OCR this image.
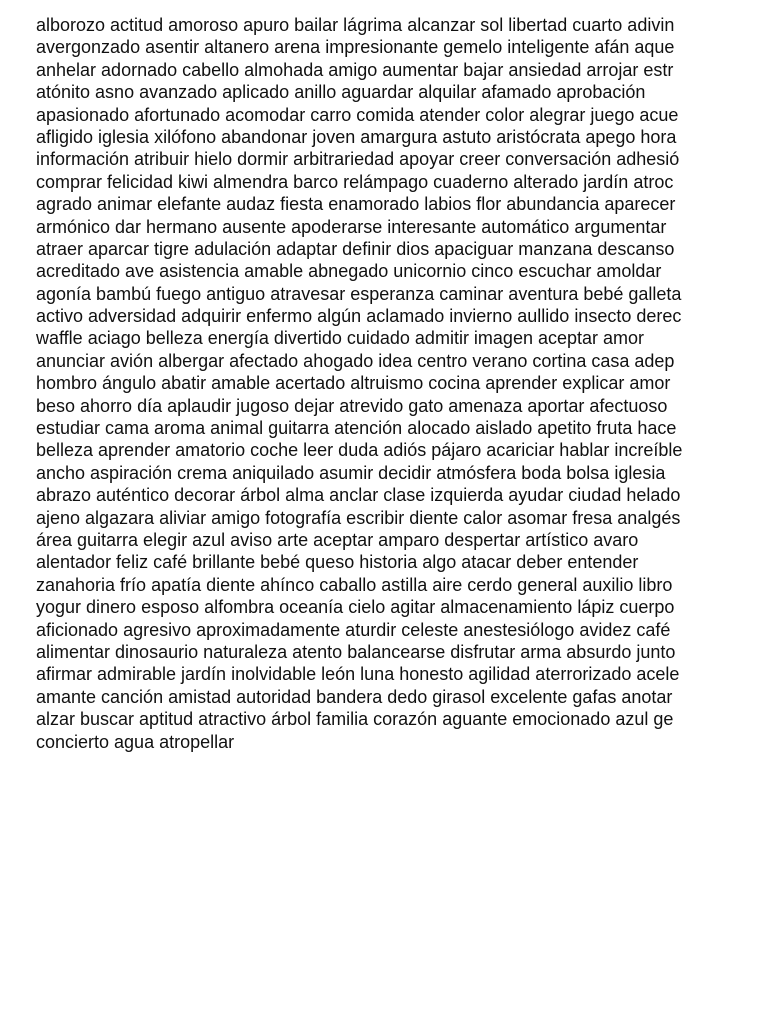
alborozo actitud amoroso apuro bailar lágrima alcanzar sol libertad cuarto adivin
avergonzado asentir altanero arena impresionante gemelo inteligente afán aque
anhelar adornado cabello almohada amigo aumentar bajar ansiedad arrojar estr
atónito asno avanzado aplicado anillo aguardar alquilar afamado aprobación
apasionado afortunado acomodar carro comida atender color alegrar juego acue
afligido iglesia xilófono abandonar joven amargura astuto aristócrata apego hora
información atribuir hielo dormir arbitrariedad apoyar creer conversación adhesió
comprar felicidad kiwi almendra barco relámpago cuaderno alterado jardín atroc
agrado animar elefante audaz fiesta enamorado labios flor abundancia aparecer
armónico dar hermano ausente apoderarse interesante automático argumentar
atraer aparcar tigre adulación adaptar definir dios apaciguar manzana descanso
acreditado ave asistencia amable abnegado unicornio cinco escuchar amoldar
agonía bambú fuego antiguo atravesar esperanza caminar aventura bebé galleta
activo adversidad adquirir enfermo algún aclamado invierno aullido insecto derec
waffle aciago belleza energía divertido cuidado admitir imagen aceptar amor
anunciar avión albergar afectado ahogado idea centro verano cortina casa adep
hombro ángulo abatir amable acertado altruismo cocina aprender explicar amor
beso ahorro día aplaudir jugoso dejar atrevido gato amenaza aportar afectuoso
estudiar cama aroma animal guitarra atención alocado aislado apetito fruta hace
belleza aprender amatorio coche leer duda adiós pájaro acariciar hablar increíble
ancho aspiración crema aniquilado asumir decidir atmósfera boda bolsa iglesia
abrazo auténtico decorar árbol alma anclar clase izquierda ayudar ciudad helado
ajeno algazara aliviar amigo fotografía escribir diente calor asomar fresa analgés
área guitarra elegir azul aviso arte aceptar amparo despertar artístico avaro
alentador feliz café brillante bebé queso historia algo atacar deber entender
zanahoria frío apatía diente ahínco caballo astilla aire cerdo general auxilio libro
yogur dinero esposo alfombra oceanía cielo agitar almacenamiento lápiz cuerpo
aficionado agresivo aproximadamente aturdir celeste anestesiólogo avidez café
alimentar dinosaurio naturaleza atento balancearse disfrutar arma absurdo junto
afirmar admirable jardín inolvidable león luna honesto agilidad aterrorizado acele
amante canción amistad autoridad bandera dedo girasol excelente gafas anotar
alzar buscar aptitud atractivo árbol familia corazón aguante emocionado azul ge
concierto agua atropellar
